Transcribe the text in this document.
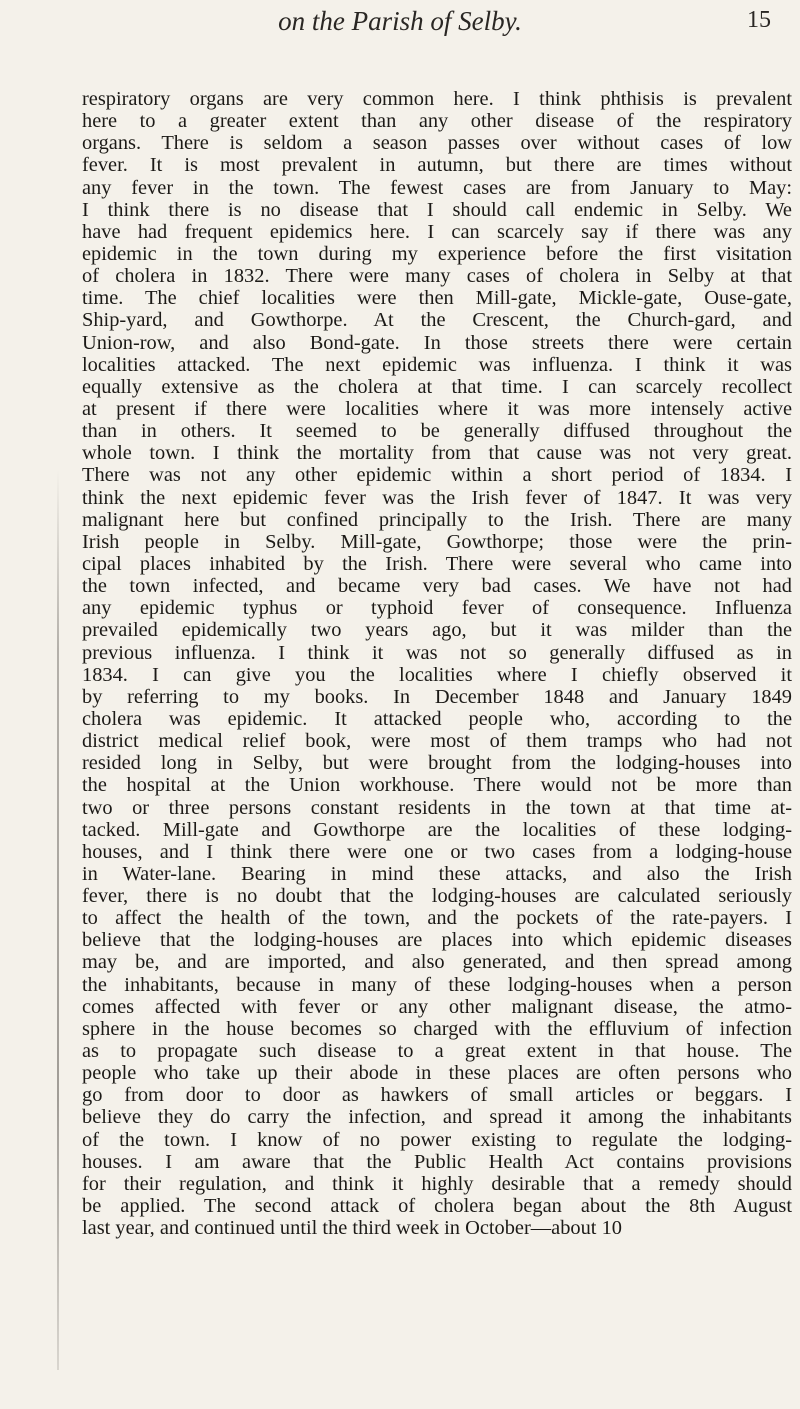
on the Parish of Selby.	15
respiratory organs are very common here. I think phthisis is prevalent
here to a greater extent than any other disease of the respiratory
organs. There is seldom a season passes over without cases of low
fever. It is most prevalent in autumn, but there are times without
any fever in the town. The fewest cases are from January to May:
I think there is no disease that I should call endemic in Selby. We
have had frequent epidemics here. I can scarcely say if there was any
epidemic in the town during my experience before the first visitation
of cholera in 1832. There were many cases of cholera in Selby at that
time. The chief localities were then Mill-gate, Mickle-gate, Ouse-gate,
Ship-yard, and Gowthorpe. At the Crescent, the Church-gard, and
Union-row, and also Bond-gate. In those streets there were certain
localities attacked. The next epidemic was influenza. I think it was
equally extensive as the cholera at that time. I can scarcely recollect
at present if there were localities where it was more intensely active
than in others. It seemed to be generally diffused throughout the
whole town. I think the mortality from that cause was not very great.
There was not any other epidemic within a short period of 1834. I
think the next epidemic fever was the Irish fever of 1847. It was very
malignant here but confined principally to the Irish. There are many
Irish people in Selby. Mill-gate, Gowthorpe; those were the prin-
cipal places inhabited by the Irish. There were several who came into
the town infected, and became very bad cases. We have not had
any epidemic typhus or typhoid fever of consequence. Influenza
prevailed epidemically two years ago, but it was milder than the
previous influenza. I think it was not so generally diffused as in
1834. I can give you the localities where I chiefly observed it
by referring to my books. In December 1848 and January 1849
cholera was epidemic. It attacked people who, according to the
district medical relief book, were most of them tramps who had not
resided long in Selby, but were brought from the lodging-houses into
the hospital at the Union workhouse. There would not be more than
two or three persons constant residents in the town at that time at-
tacked. Mill-gate and Gowthorpe are the localities of these lodging-
houses, and I think there were one or two cases from a lodging-house
in Water-lane. Bearing in mind these attacks, and also the Irish
fever, there is no doubt that the lodging-houses are calculated seriously
to affect the health of the town, and the pockets of the rate-payers. I
believe that the lodging-houses are places into which epidemic diseases
may be, and are imported, and also generated, and then spread among
the inhabitants, because in many of these lodging-houses when a person
comes affected with fever or any other malignant disease, the atmo-
sphere in the house becomes so charged with the effluvium of infection
as to propagate such disease to a great extent in that house. The
people who take up their abode in these places are often persons who
go from door to door as hawkers of small articles or beggars. I
believe they do carry the infection, and spread it among the inhabitants
of the town. I know of no power existing to regulate the lodging-
houses. I am aware that the Public Health Act contains provisions
for their regulation, and think it highly desirable that a remedy should
be applied. The second attack of cholera began about the 8th August
last year, and continued until the third week in October—about 10
